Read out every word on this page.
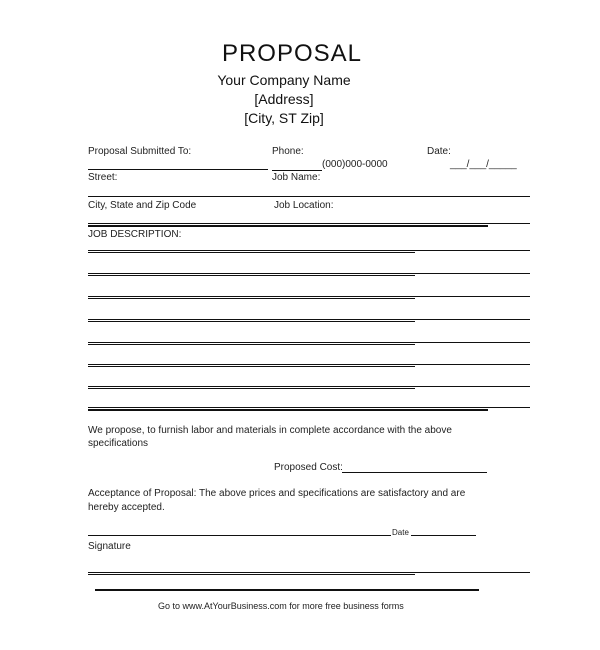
PROPOSAL
Your Company Name
[Address]
[City, ST Zip]
Proposal Submitted To:	Phone:
(000)000-0000
Date:
___/___/_____
Street:	Job Name:
City, State and Zip Code	Job Location:
JOB DESCRIPTION:
We propose, to furnish labor and materials in complete accordance with the above
specifications
Proposed Cost:
Acceptance of Proposal: The above prices and specifications are satisfactory and are
hereby accepted.
Date
Signature
Go to www.AtYourBusiness.com for more free business forms
